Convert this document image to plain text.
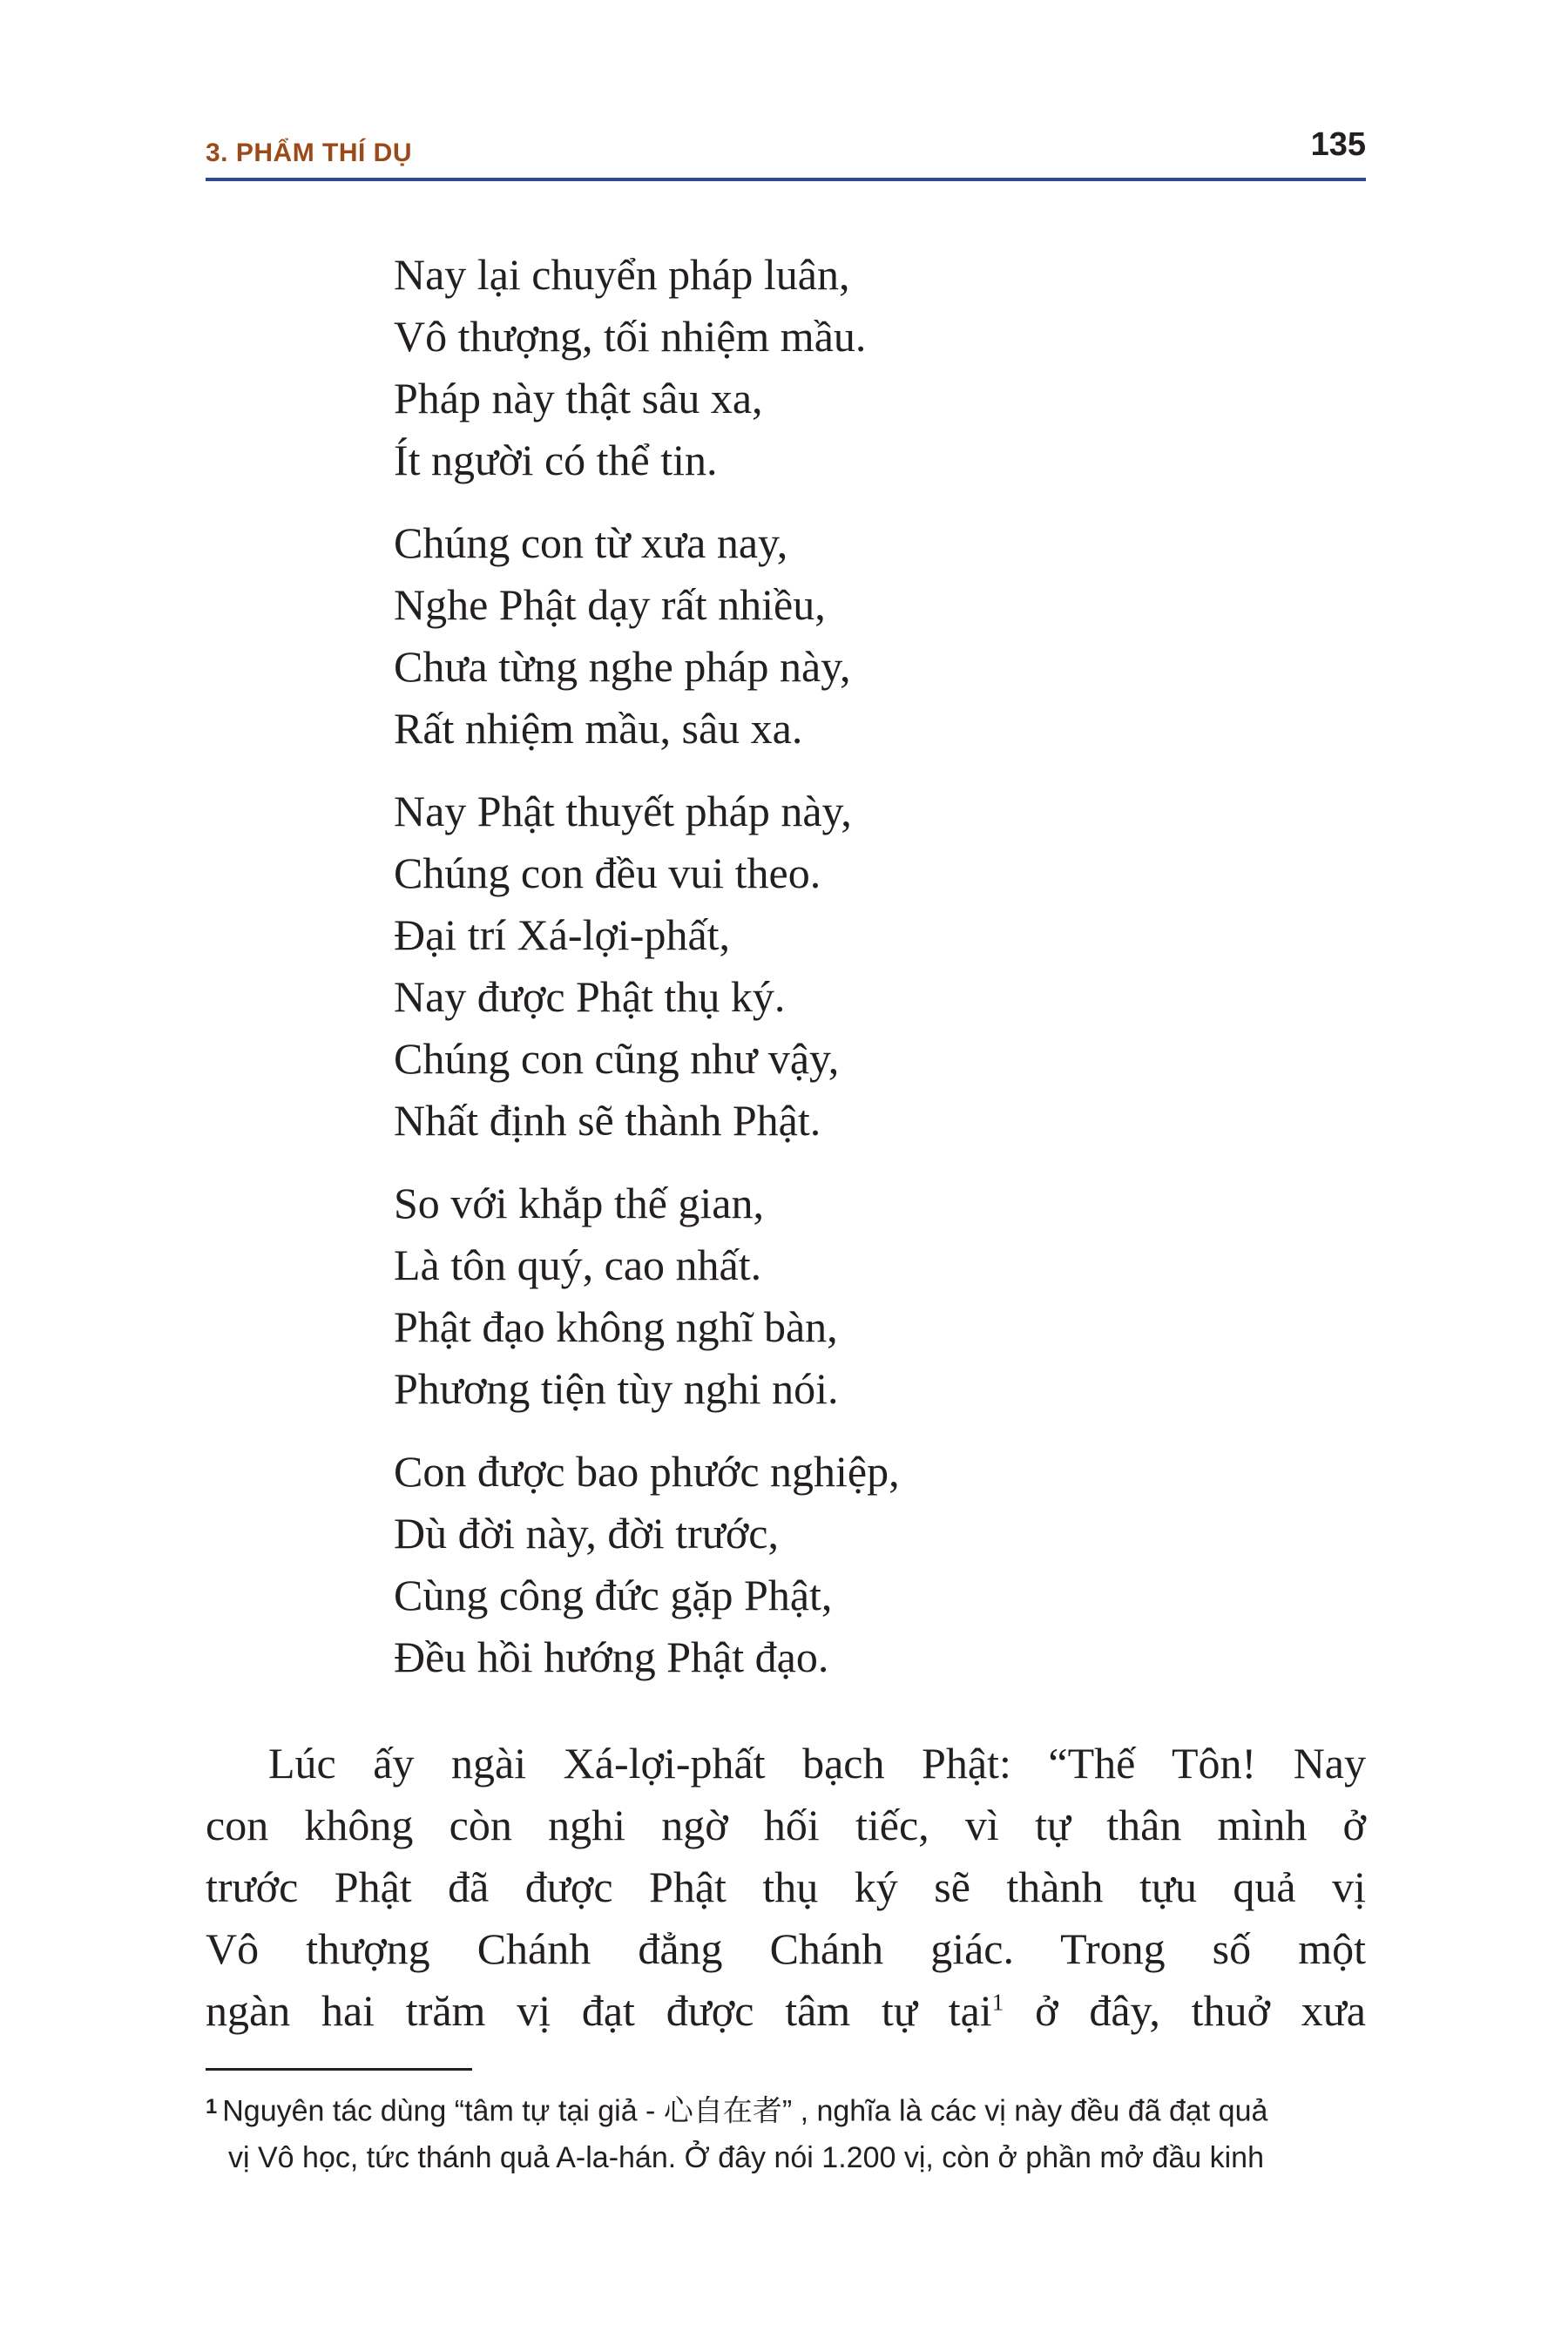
3. PHẨM THÍ DỤ	135
Nay lại chuyển pháp luân,
Vô thượng, tối nhiệm mầu.
Pháp này thật sâu xa,
Ít người có thể tin.
Chúng con từ xưa nay,
Nghe Phật dạy rất nhiều,
Chưa từng nghe pháp này,
Rất nhiệm mầu, sâu xa.
Nay Phật thuyết pháp này,
Chúng con đều vui theo.
Đại trí Xá-lợi-phất,
Nay được Phật thụ ký.
Chúng con cũng như vậy,
Nhất định sẽ thành Phật.
So với khắp thế gian,
Là tôn quý, cao nhất.
Phật đạo không nghĩ bàn,
Phương tiện tùy nghi nói.
Con được bao phước nghiệp,
Dù đời này, đời trước,
Cùng công đức gặp Phật,
Đều hồi hướng Phật đạo.
Lúc ấy ngài Xá-lợi-phất bạch Phật: “Thế Tôn! Nay
con không còn nghi ngờ hối tiếc, vì tự thân mình ở
trước Phật đã được Phật thụ ký sẽ thành tựu quả vị
Vô thượng Chánh đẳng Chánh giác. Trong số một
ngàn hai trăm vị đạt được tâm tự tại$^1$ ở đây, thuở xưa
$^1$ Nguyên tác dùng “tâm tự tại giả - 心自在者” , nghĩa là các vị này đều đã đạt quả
vị Vô học, tức thánh quả A-la-hán. Ở đây nói 1.200 vị, còn ở phần mở đầu kinh
